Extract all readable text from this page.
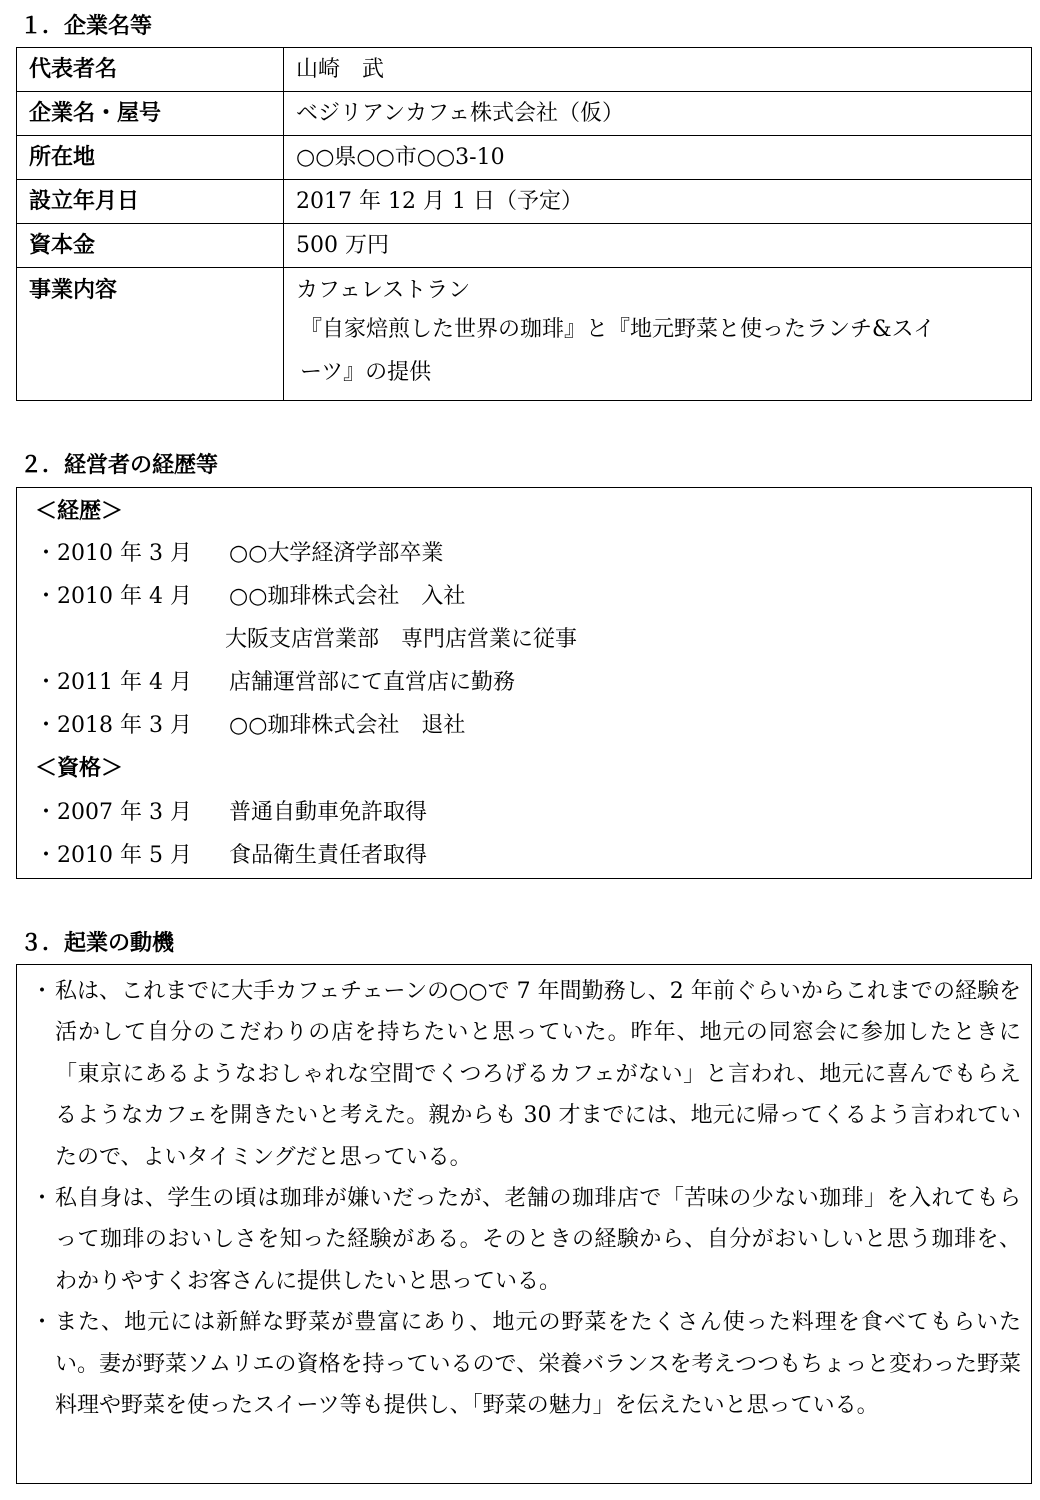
１．企業名等
代表者名	山崎　武
企業名・屋号	ベジリアンカフェ株式会社（仮）
所在地	○○県○○市○○3-10
設立年月日	2017 年 12 月 1 日（予定）
資本金	500 万円
事業内容	カフェレストラン
『自家焙煎した世界の珈琲』と『地元野菜と使ったランチ&スイ
ーツ』の提供
２．経営者の経歴等
＜経歴＞
・2010 年 3 月 ○○大学経済学部卒業
・2010 年 4 月 ○○珈琲株式会社　入社
大阪支店営業部　専門店営業に従事
・2011 年 4 月 店舗運営部にて直営店に勤務
・2018 年 3 月 ○○珈琲株式会社　退社
＜資格＞
・2007 年 3 月 普通自動車免許取得
・2010 年 5 月 食品衛生責任者取得
３．起業の動機
・ 私は、これまでに大手カフェチェーンの○○で 7 年間勤務し、2 年前ぐらいからこれまでの経験を活かして自分のこだわりの店を持ちたいと思っていた。昨年、地元の同窓会に参加したときに「東京にあるようなおしゃれな空間でくつろげるカフェがない」と言われ、地元に喜んでもらえるようなカフェを開きたいと考えた。親からも 30 才までには、地元に帰ってくるよう言われていたので、よいタイミングだと思っている。
・ 私自身は、学生の頃は珈琲が嫌いだったが、老舗の珈琲店で「苦味の少ない珈琲」を入れてもらって珈琲のおいしさを知った経験がある。そのときの経験から、自分がおいしいと思う珈琲を、わかりやすくお客さんに提供したいと思っている。
・ また、地元には新鮮な野菜が豊富にあり、地元の野菜をたくさん使った料理を食べてもらいたい。妻が野菜ソムリエの資格を持っているので、栄養バランスを考えつつもちょっと変わった野菜料理や野菜を使ったスイーツ等も提供し、「野菜の魅力」を伝えたいと思っている。
